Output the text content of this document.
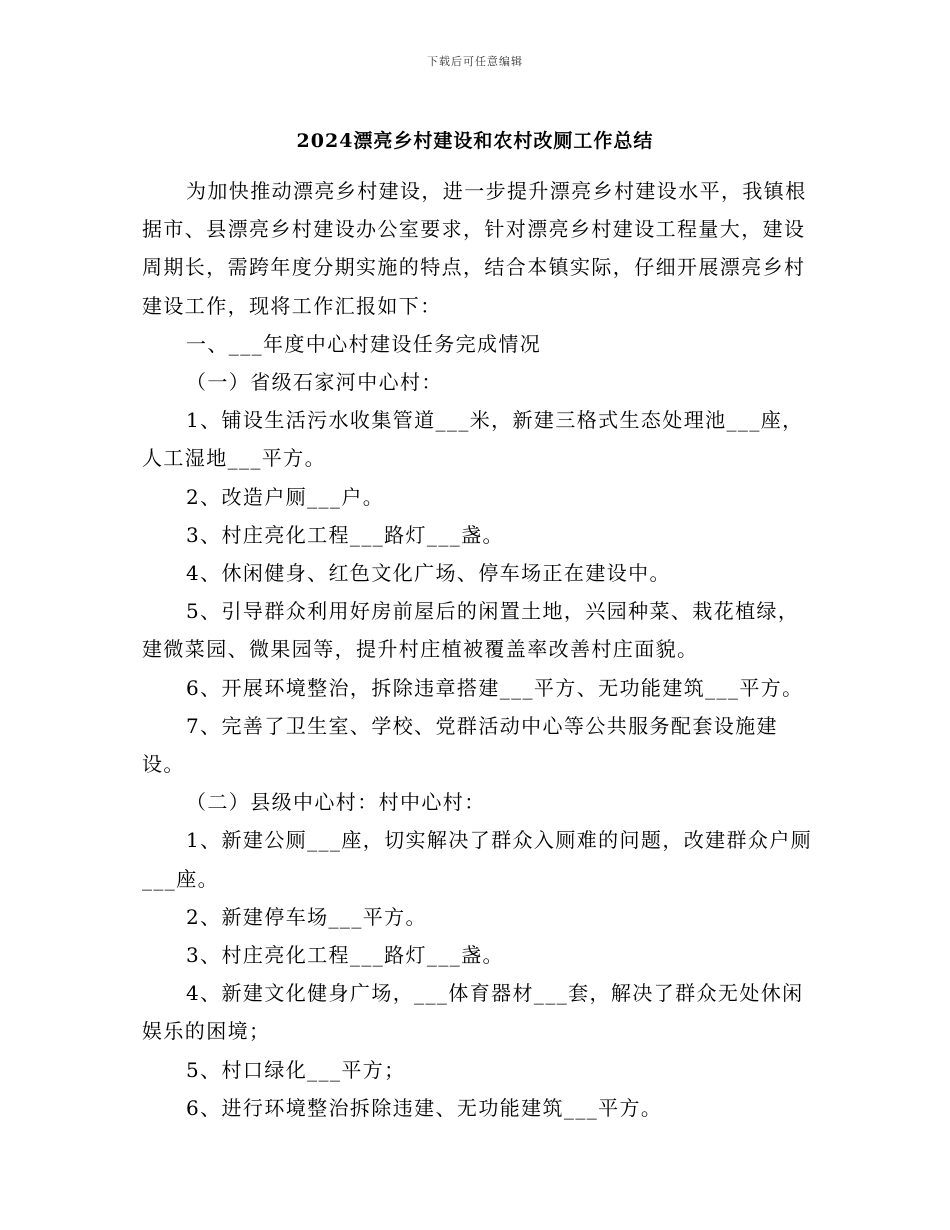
下载后可任意编辑
2024漂亮乡村建设和农村改厕工作总结

为加快推动漂亮乡村建设，进一步提升漂亮乡村建设水平，我镇根据市、县漂亮乡村建设办公室要求，针对漂亮乡村建设工程量大，建设周期长，需跨年度分期实施的特点，结合本镇实际，仔细开展漂亮乡村建设工作，现将工作汇报如下：

一、___年度中心村建设任务完成情况

（一）省级石家河中心村：

1、铺设生活污水收集管道___米，新建三格式生态处理池___座，人工湿地___平方。

2、改造户厕___户。

3、村庄亮化工程___路灯___盏。

4、休闲健身、红色文化广场、停车场正在建设中。

5、引导群众利用好房前屋后的闲置土地，兴园种菜、栽花植绿，建微菜园、微果园等，提升村庄植被覆盖率改善村庄面貌。

6、开展环境整治，拆除违章搭建___平方、无功能建筑___平方。

7、完善了卫生室、学校、党群活动中心等公共服务配套设施建设。

（二）县级中心村：村中心村：

1、新建公厕___座，切实解决了群众入厕难的问题，改建群众户厕___座。

2、新建停车场___平方。

3、村庄亮化工程___路灯___盏。

4、新建文化健身广场，___体育器材___套，解决了群众无处休闲娱乐的困境；

5、村口绿化___平方；

6、进行环境整治拆除违建、无功能建筑___平方。
